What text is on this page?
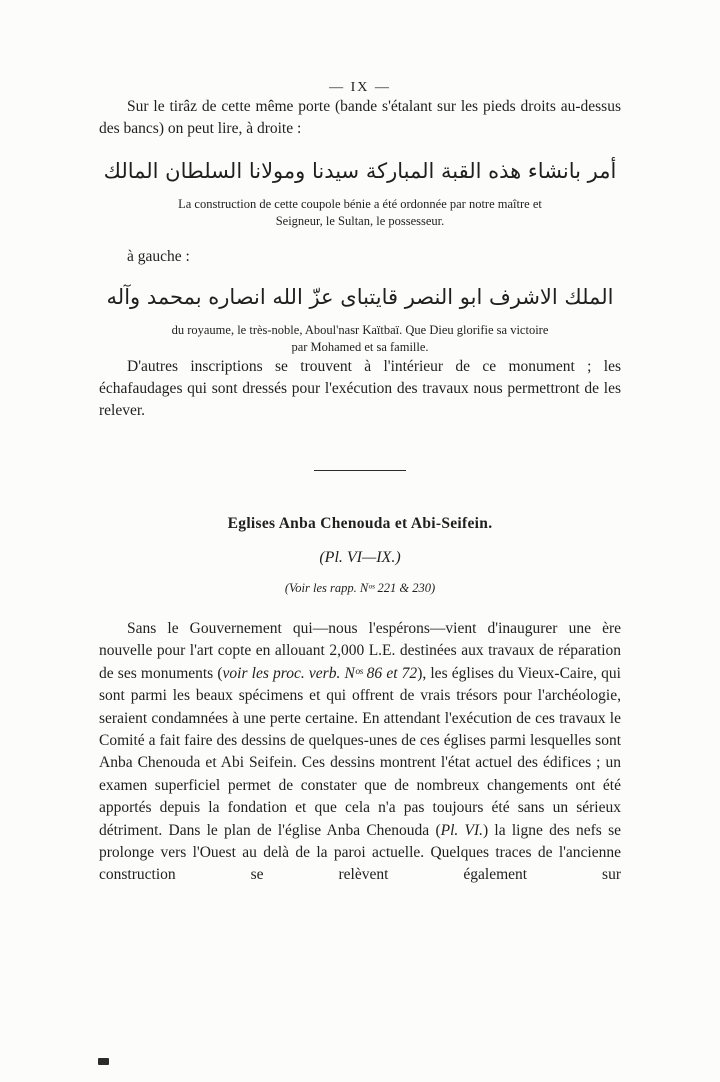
— IX —

Sur le tirâz de cette même porte (bande s'étalant sur les pieds droits au-dessus des bancs) on peut lire, à droite :

أمر بانشاء هذه القبة المباركة سيدنا ومولانا السلطان المالك
La construction de cette coupole bénie a été ordonnée par notre maître et
Seigneur, le Sultan, le possesseur.
à gauche :
الملك الاشرف ابو النصر قايتباى عزّ الله انصاره بمحمد وآله
du royaume, le très-noble, Aboul'nasr Kaïtbaï. Que Dieu glorifie sa victoire
par Mohamed et sa famille.

D'autres inscriptions se trouvent à l'intérieur de ce monument ; les échafaudages qui sont dressés pour l'exécution des travaux nous permettront de les relever.

Eglises Anba Chenouda et Abi-Seifein.
(Pl. VI—IX.)
(Voir les rapp. Nᵒˢ 221 & 230)

Sans le Gouvernement qui—nous l'espérons—vient d'inaugurer une ère nouvelle pour l'art copte en allouant 2,000 L.E. destinées aux travaux de réparation de ses monuments (voir les proc. verb. Nᵒˢ 86 et 72), les églises du Vieux-Caire, qui sont parmi les beaux spécimens et qui offrent de vrais trésors pour l'archéologie, seraient condamnées à une perte certaine. En attendant l'exécution de ces travaux le Comité a fait faire des dessins de quelques-unes de ces églises parmi lesquelles sont Anba Chenouda et Abi Seifein. Ces dessins montrent l'état actuel des édifices ; un examen superficiel permet de constater que de nombreux changements ont été apportés depuis la fondation et que cela n'a pas toujours été sans un sérieux détriment. Dans le plan de l'église Anba Chenouda (Pl. VI.) la ligne des nefs se prolonge vers l'Ouest au delà de la paroi actuelle. Quelques traces de l'ancienne construction se relèvent également sur
